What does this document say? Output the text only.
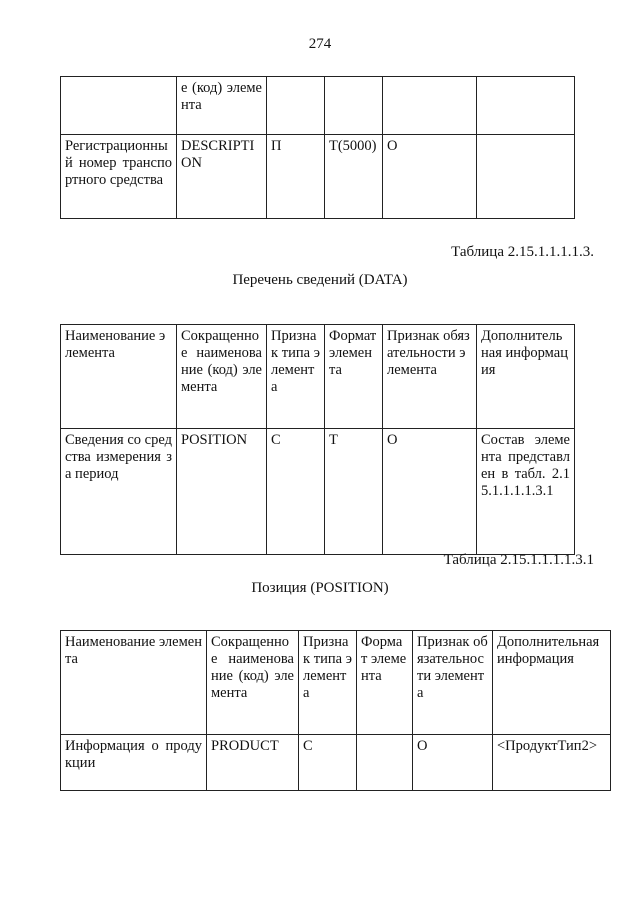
274
	е (код) элемента				
Регистрационный номер транспортного средства	DESCRIPTION	П	T(5000)	O	
Таблица 2.15.1.1.1.1.3.
Перечень сведений (DATA)
Наименование элемента	Сокращенное наименование (код) элемента	Признак типа элемента	Формат элемента	Признак обязательности элемента	Дополнительная информация
Сведения со средства измерения за период	POSITION	C	T	O	Состав элемента представлен в табл. 2.15.1.1.1.1.3.1
Таблица 2.15.1.1.1.1.3.1
Позиция (POSITION)
Наименование элемента	Сокращенное наименование (код) элемента	Признак типа элемента	Формат элемента	Признак обязательности элемента	Дополнительная информация
Информация о продукции	PRODUCT	C		O	<ПродуктТип2>
